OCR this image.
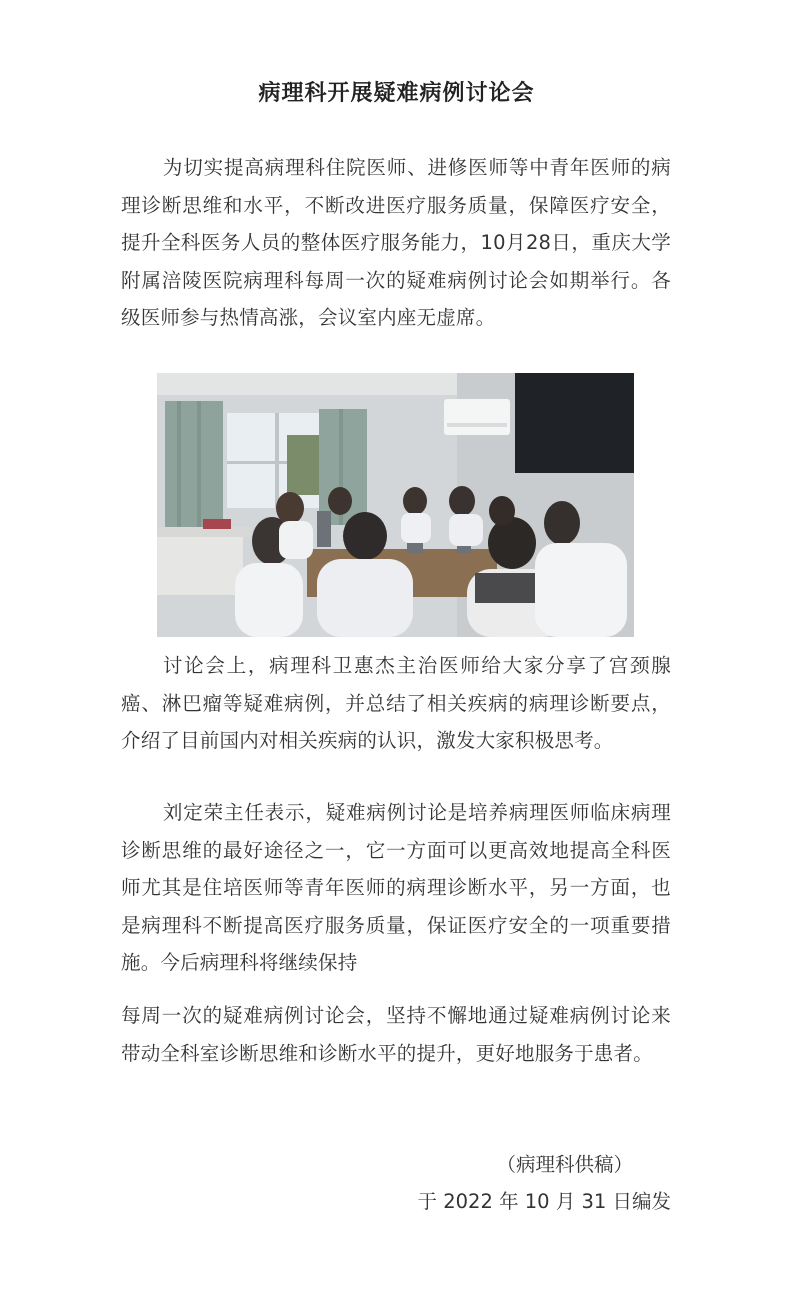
病理科开展疑难病例讨论会

为切实提高病理科住院医师、进修医师等中青年医师的病理诊断思维和水平，不断改进医疗服务质量，保障医疗安全，提升全科医务人员的整体医疗服务能力，10月28日，重庆大学附属涪陵医院病理科每周一次的疑难病例讨论会如期举行。各级医师参与热情高涨，会议室内座无虚席。

讨论会上，病理科卫惠杰主治医师给大家分享了宫颈腺癌、淋巴瘤等疑难病例，并总结了相关疾病的病理诊断要点，介绍了目前国内对相关疾病的认识，激发大家积极思考。

刘定荣主任表示，疑难病例讨论是培养病理医师临床病理诊断思维的最好途径之一，它一方面可以更高效地提高全科医师尤其是住培医师等青年医师的病理诊断水平，另一方面，也是病理科不断提高医疗服务质量，保证医疗安全的一项重要措施。今后病理科将继续保持

每周一次的疑难病例讨论会，坚持不懈地通过疑难病例讨论来带动全科室诊断思维和诊断水平的提升，更好地服务于患者。

（病理科供稿）
于 2022 年 10 月 31 日编发
